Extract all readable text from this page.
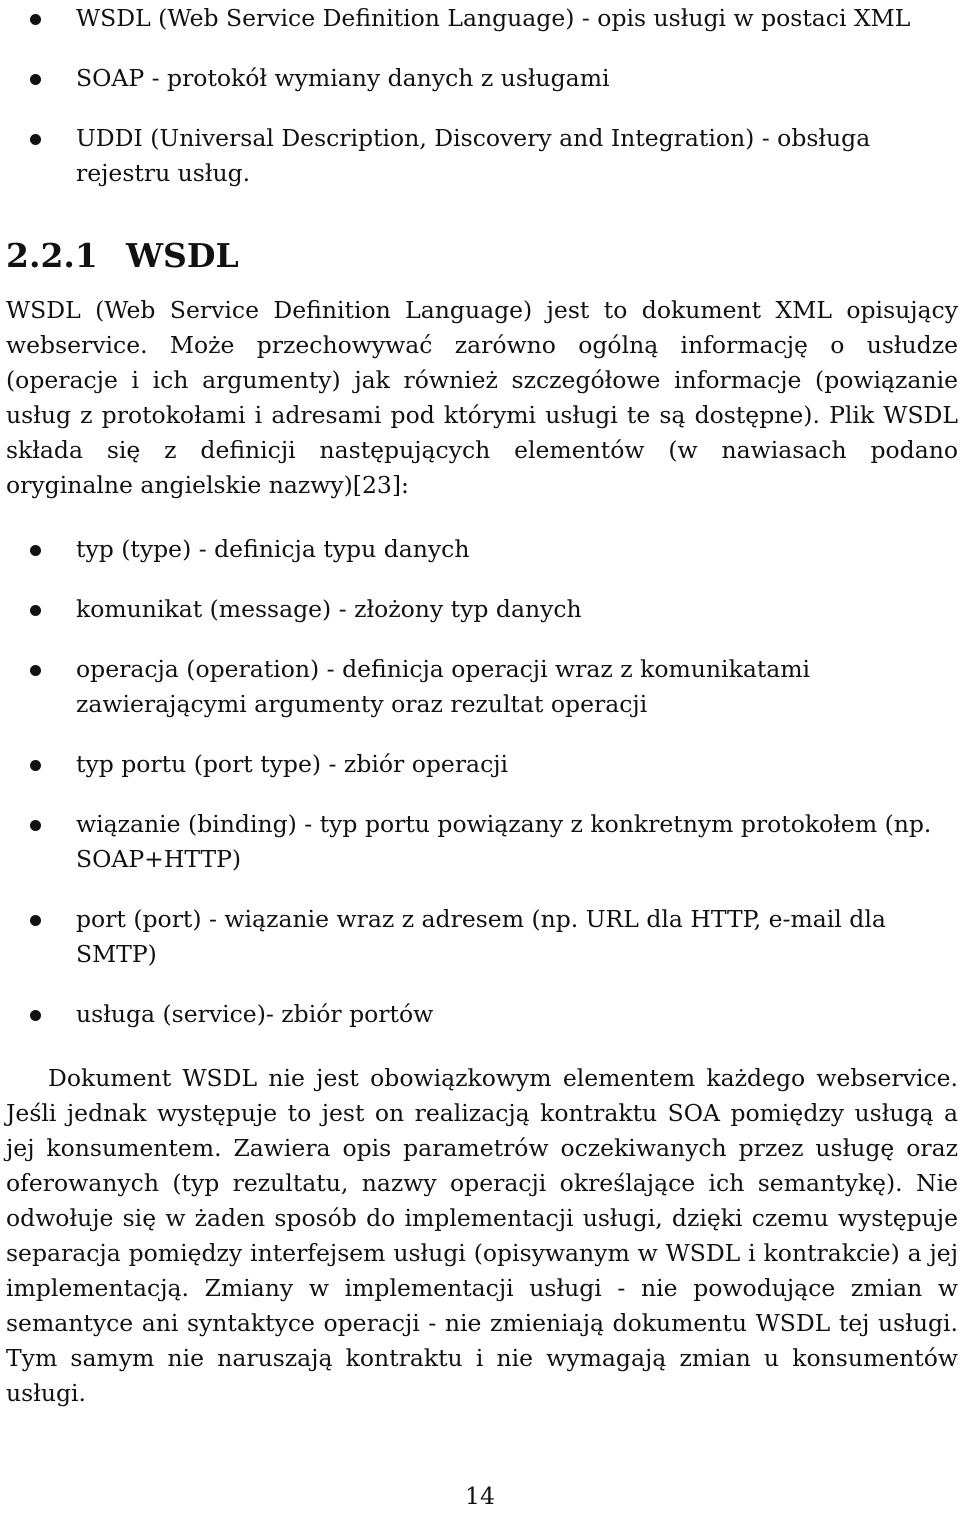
WSDL (Web Service Definition Language) - opis usługi w postaci XML
SOAP - protokół wymiany danych z usługami
UDDI (Universal Description, Discovery and Integration) - obsługa rejestru usług.
2.2.1 WSDL

WSDL (Web Service Definition Language) jest to dokument XML opisujący webservice. Może przechowywać zarówno ogólną informację o usłudze (operacje i ich argumenty) jak również szczegółowe informacje (powiązanie usług z protokołami i adresami pod którymi usługi te są dostępne). Plik WSDL składa się z definicji następujących elementów (w nawiasach podano oryginalne angielskie nazwy)[23]:

typ (type) - definicja typu danych
komunikat (message) - złożony typ danych
operacja (operation) - definicja operacji wraz z komunikatami zawierającymi argumenty oraz rezultat operacji
typ portu (port type) - zbiór operacji
wiązanie (binding) - typ portu powiązany z konkretnym protokołem (np. SOAP+HTTP)
port (port) - wiązanie wraz z adresem (np. URL dla HTTP, e-mail dla SMTP)
usługa (service)- zbiór portów

Dokument WSDL nie jest obowiązkowym elementem każdego webservice. Jeśli jednak występuje to jest on realizacją kontraktu SOA pomiędzy usługą a jej konsumentem. Zawiera opis parametrów oczekiwanych przez usługę oraz oferowanych (typ rezultatu, nazwy operacji określające ich semantykę). Nie odwołuje się w żaden sposób do implementacji usługi, dzięki czemu występuje separacja pomiędzy interfejsem usługi (opisywanym w WSDL i kontrakcie) a jej implementacją. Zmiany w implementacji usługi - nie powodujące zmian w semantyce ani syntaktyce operacji - nie zmieniają dokumentu WSDL tej usługi. Tym samym nie naruszają kontraktu i nie wymagają zmian u konsumentów usługi.

14
